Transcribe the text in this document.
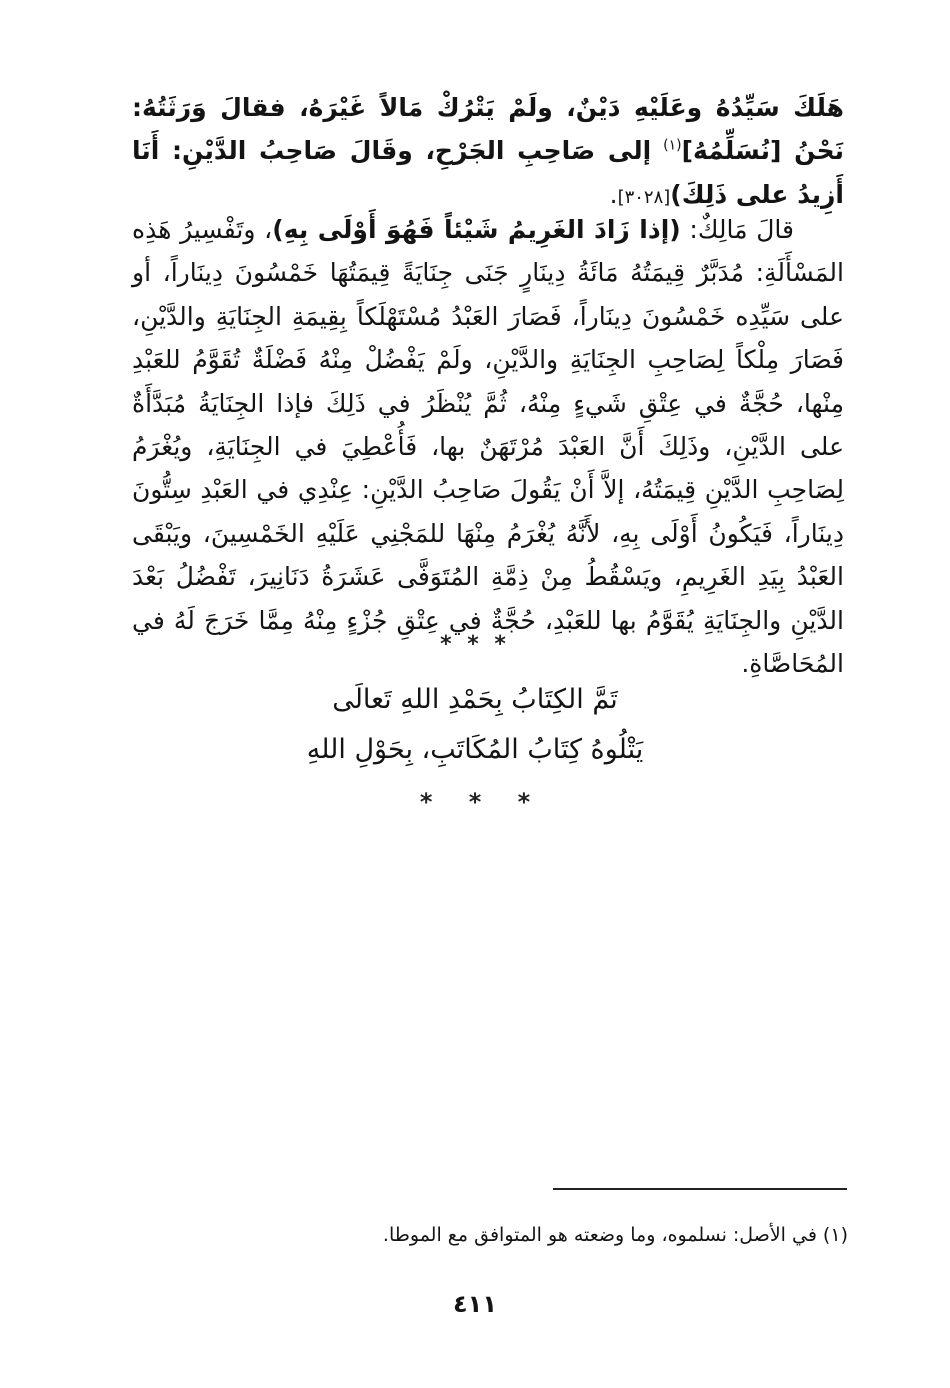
هَلَكَ سَيِّدُهُ وعَلَيْهِ دَيْنٌ، ولَمْ يَتْرُكْ مَالاً غَيْرَهُ، فقالَ وَرَثَتُهُ: نَحْنُ [نُسَلِّمُهُ]$^{(١)}$ إلى صَاحِبِ الجَرْحِ، وقَالَ صَاحِبُ الدَّيْنِ: أَنَا أَزِيدُ على ذَلِكَ)[٣٠٢٨].

  قالَ مَالِكٌ: (إذا زَادَ الغَرِيمُ شَيْئاً فَهُوَ أَوْلَى بِهِ)، وتَفْسِيرُ هَذِه المَسْأَلَةِ: مُدَبَّرٌ قِيمَتُهُ مَائَةُ دِينَارٍ جَنَى جِنَايَةً قِيمَتُهَا خَمْسُونَ دِينَاراً، أو على سَيِّدِه خَمْسُونَ دِينَاراً، فَصَارَ العَبْدُ مُسْتَهْلَكاً بِقِيمَةِ الجِنَايَةِ والدَّيْنِ، فَصَارَ مِلْكاً لِصَاحِبِ الجِنَايَةِ والدَّيْنِ، ولَمْ يَفْضُلْ مِنْهُ فَضْلَةٌ تُقَوَّمُ للعَبْدِ مِنْها، حُجَّةٌ في عِتْقِ شَيءٍ مِنْهُ، ثُمَّ يُنْظَرُ في ذَلِكَ فإذا الجِنَايَةُ مُبَدَّأَةٌ على الدَّيْنِ، وذَلِكَ أَنَّ العَبْدَ مُرْتَهَنٌ بها، فَأُعْطِيَ في الجِنَايَةِ، ويُغْرَمُ لِصَاحِبِ الدَّيْنِ قِيمَتُهُ، إلاَّ أَنْ يَقُولَ صَاحِبُ الدَّيْنِ: عِنْدِي في العَبْدِ سِتُّونَ دِينَاراً، فَيَكُونُ أَوْلَى بِهِ، لأَنَّهُ يُغْرَمُ مِنْهَا للمَجْنِي عَلَيْهِ الخَمْسِينَ، ويَبْقَى العَبْدُ بِيَدِ الغَرِيمِ، ويَسْقُطُ مِنْ ذِمَّةِ المُتَوَفَّى عَشَرَةُ دَنَانِيرَ، تَفْضُلُ بَعْدَ الدَّيْنِ والجِنَايَةِ يُقَوَّمُ بها للعَبْدِ، حُجَّةٌ في عِتْقِ جُزْءٍ مِنْهُ مِمَّا خَرَجَ لَهُ في المُحَاصَّاةِ.

* * *
تَمَّ الكِتَابُ بِحَمْدِ اللهِ تَعالَى
يَتْلُوهُ كِتَابُ المُكَاتَبِ، بِحَوْلِ اللهِ
* * *
(١) في الأصل: نسلموه، وما وضعته هو المتوافق مع الموطا.
٤١١
